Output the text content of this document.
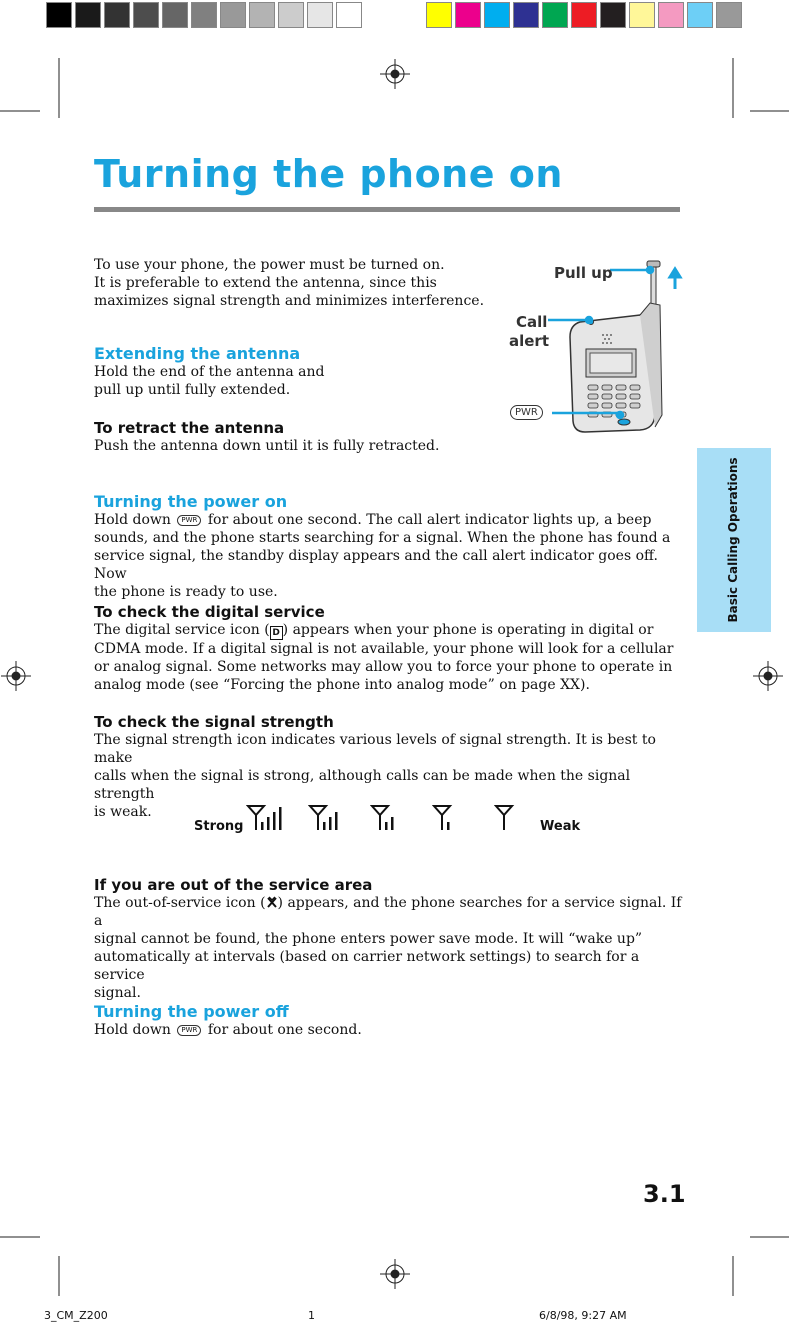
Turning the phone on
To use your phone, the power must be turned on.
It is preferable to extend the antenna, since this
maximizes signal strength and minimizes interference.
Pull up
Call
alert
PWR
Extending the antenna
Hold the end of the antenna and
pull up until fully extended.
To retract the antenna
Push the antenna down until it is fully retracted.
Turning the power on
Hold down PWR for about one second. The call alert indicator lights up, a beep
sounds, and the phone starts searching for a signal. When the phone has found a
service signal, the standby display appears and the call alert indicator goes off. Now
the phone is ready to use.
To check the digital service
The digital service icon ( D ) appears when your phone is operating in digital or
CDMA mode. If a digital signal is not available, your phone will look for a cellular
or analog signal. Some networks may allow you to force your phone to operate in
analog mode (see “Forcing the phone into analog mode” on page XX).
To check the signal strength
The signal strength icon indicates various levels of signal strength. It is best to make
calls when the signal is strong, although calls can be made when the signal strength
is weak.
Strong	Weak
If you are out of the service area
The out-of-service icon ( ) appears, and the phone searches for a service signal. If a
signal cannot be found, the phone enters power save mode. It will “wake up”
automatically at intervals (based on carrier network settings) to search for a service
signal.
Turning the power off
Hold down PWR for about one second.
Basic Calling Operations
3.1
3_CM_Z200	1	6/8/98, 9:27 AM
